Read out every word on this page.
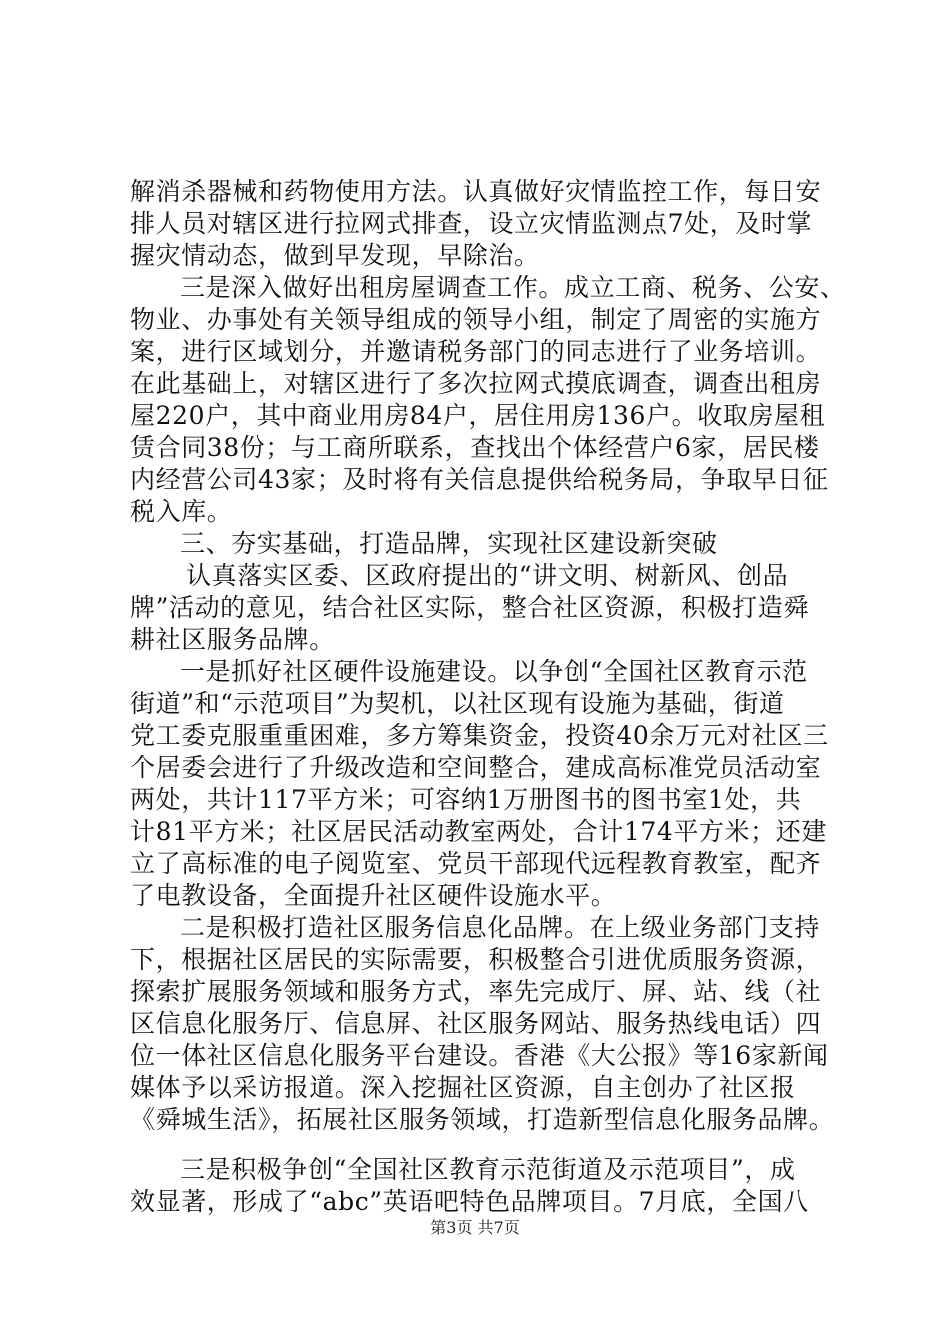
解消杀器械和药物使用方法。认真做好灾情监控工作，每日安
排人员对辖区进行拉网式排查，设立灾情监测点7处，及时掌
握灾情动态，做到早发现，早除治。
三是深入做好出租房屋调查工作。成立工商、税务、公安、
物业、办事处有关领导组成的领导小组，制定了周密的实施方
案，进行区域划分，并邀请税务部门的同志进行了业务培训。
在此基础上，对辖区进行了多次拉网式摸底调查，调查出租房
屋220户，其中商业用房84户，居住用房136户。收取房屋租
赁合同38份；与工商所联系，查找出个体经营户6家，居民楼
内经营公司43家；及时将有关信息提供给税务局，争取早日征
税入库。
三、夯实基础，打造品牌，实现社区建设新突破
认真落实区委、区政府提出的“讲文明、树新风、创品
牌”活动的意见，结合社区实际，整合社区资源，积极打造舜
耕社区服务品牌。
一是抓好社区硬件设施建设。以争创“全国社区教育示范
街道”和“示范项目”为契机，以社区现有设施为基础，街道
党工委克服重重困难，多方筹集资金，投资40余万元对社区三
个居委会进行了升级改造和空间整合，建成高标准党员活动室
两处，共计117平方米；可容纳1万册图书的图书室1处，共
计81平方米；社区居民活动教室两处，合计174平方米；还建
立了高标准的电子阅览室、党员干部现代远程教育教室，配齐
了电教设备，全面提升社区硬件设施水平。
二是积极打造社区服务信息化品牌。在上级业务部门支持
下，根据社区居民的实际需要，积极整合引进优质服务资源，
探索扩展服务领域和服务方式，率先完成厅、屏、站、线（社
区信息化服务厅、信息屏、社区服务网站、服务热线电话）四
位一体社区信息化服务平台建设。香港《大公报》等16家新闻
媒体予以采访报道。深入挖掘社区资源，自主创办了社区报
《舜城生活》，拓展社区服务领域，打造新型信息化服务品牌。
三是积极争创“全国社区教育示范街道及示范项目”，成
效显著，形成了“abc”英语吧特色品牌项目。7月底，全国八
第3页 共7页
